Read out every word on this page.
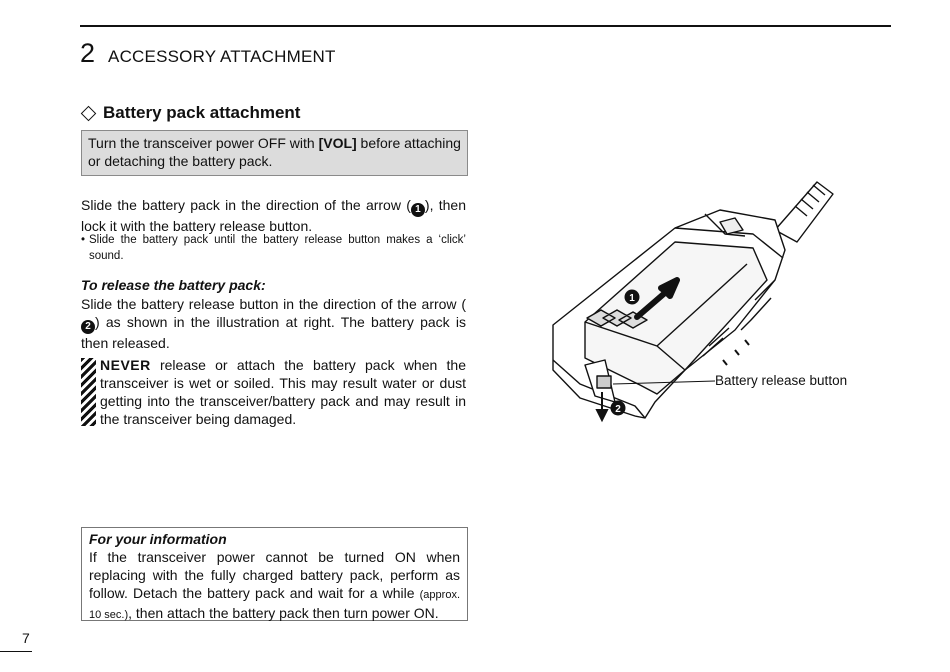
2 ACCESSORY ATTACHMENT
Battery pack attachment
Turn the transceiver power OFF with [VOL] before attaching or detaching the battery pack.
Slide the battery pack in the direction of the arrow ( 1 ), then lock it with the battery release button.
• Slide the battery pack until the battery release button makes a ‘click’ sound.
To release the battery pack:
Slide the battery release button in the direction of the arrow (2 ) as shown in the illustration at right. The battery pack is then released.
NEVER release or attach the battery pack when the transceiver is wet or soiled. This may result water or dust getting into the transceiver/battery pack and may result in the transceiver being damaged.
For your information
If the transceiver power cannot be turned ON when replacing with the fully charged battery pack, perform as follow. Detach the battery pack and wait for a while (approx. 10 sec.), then attach the battery pack then turn power ON.
1
2
Battery release button
7
